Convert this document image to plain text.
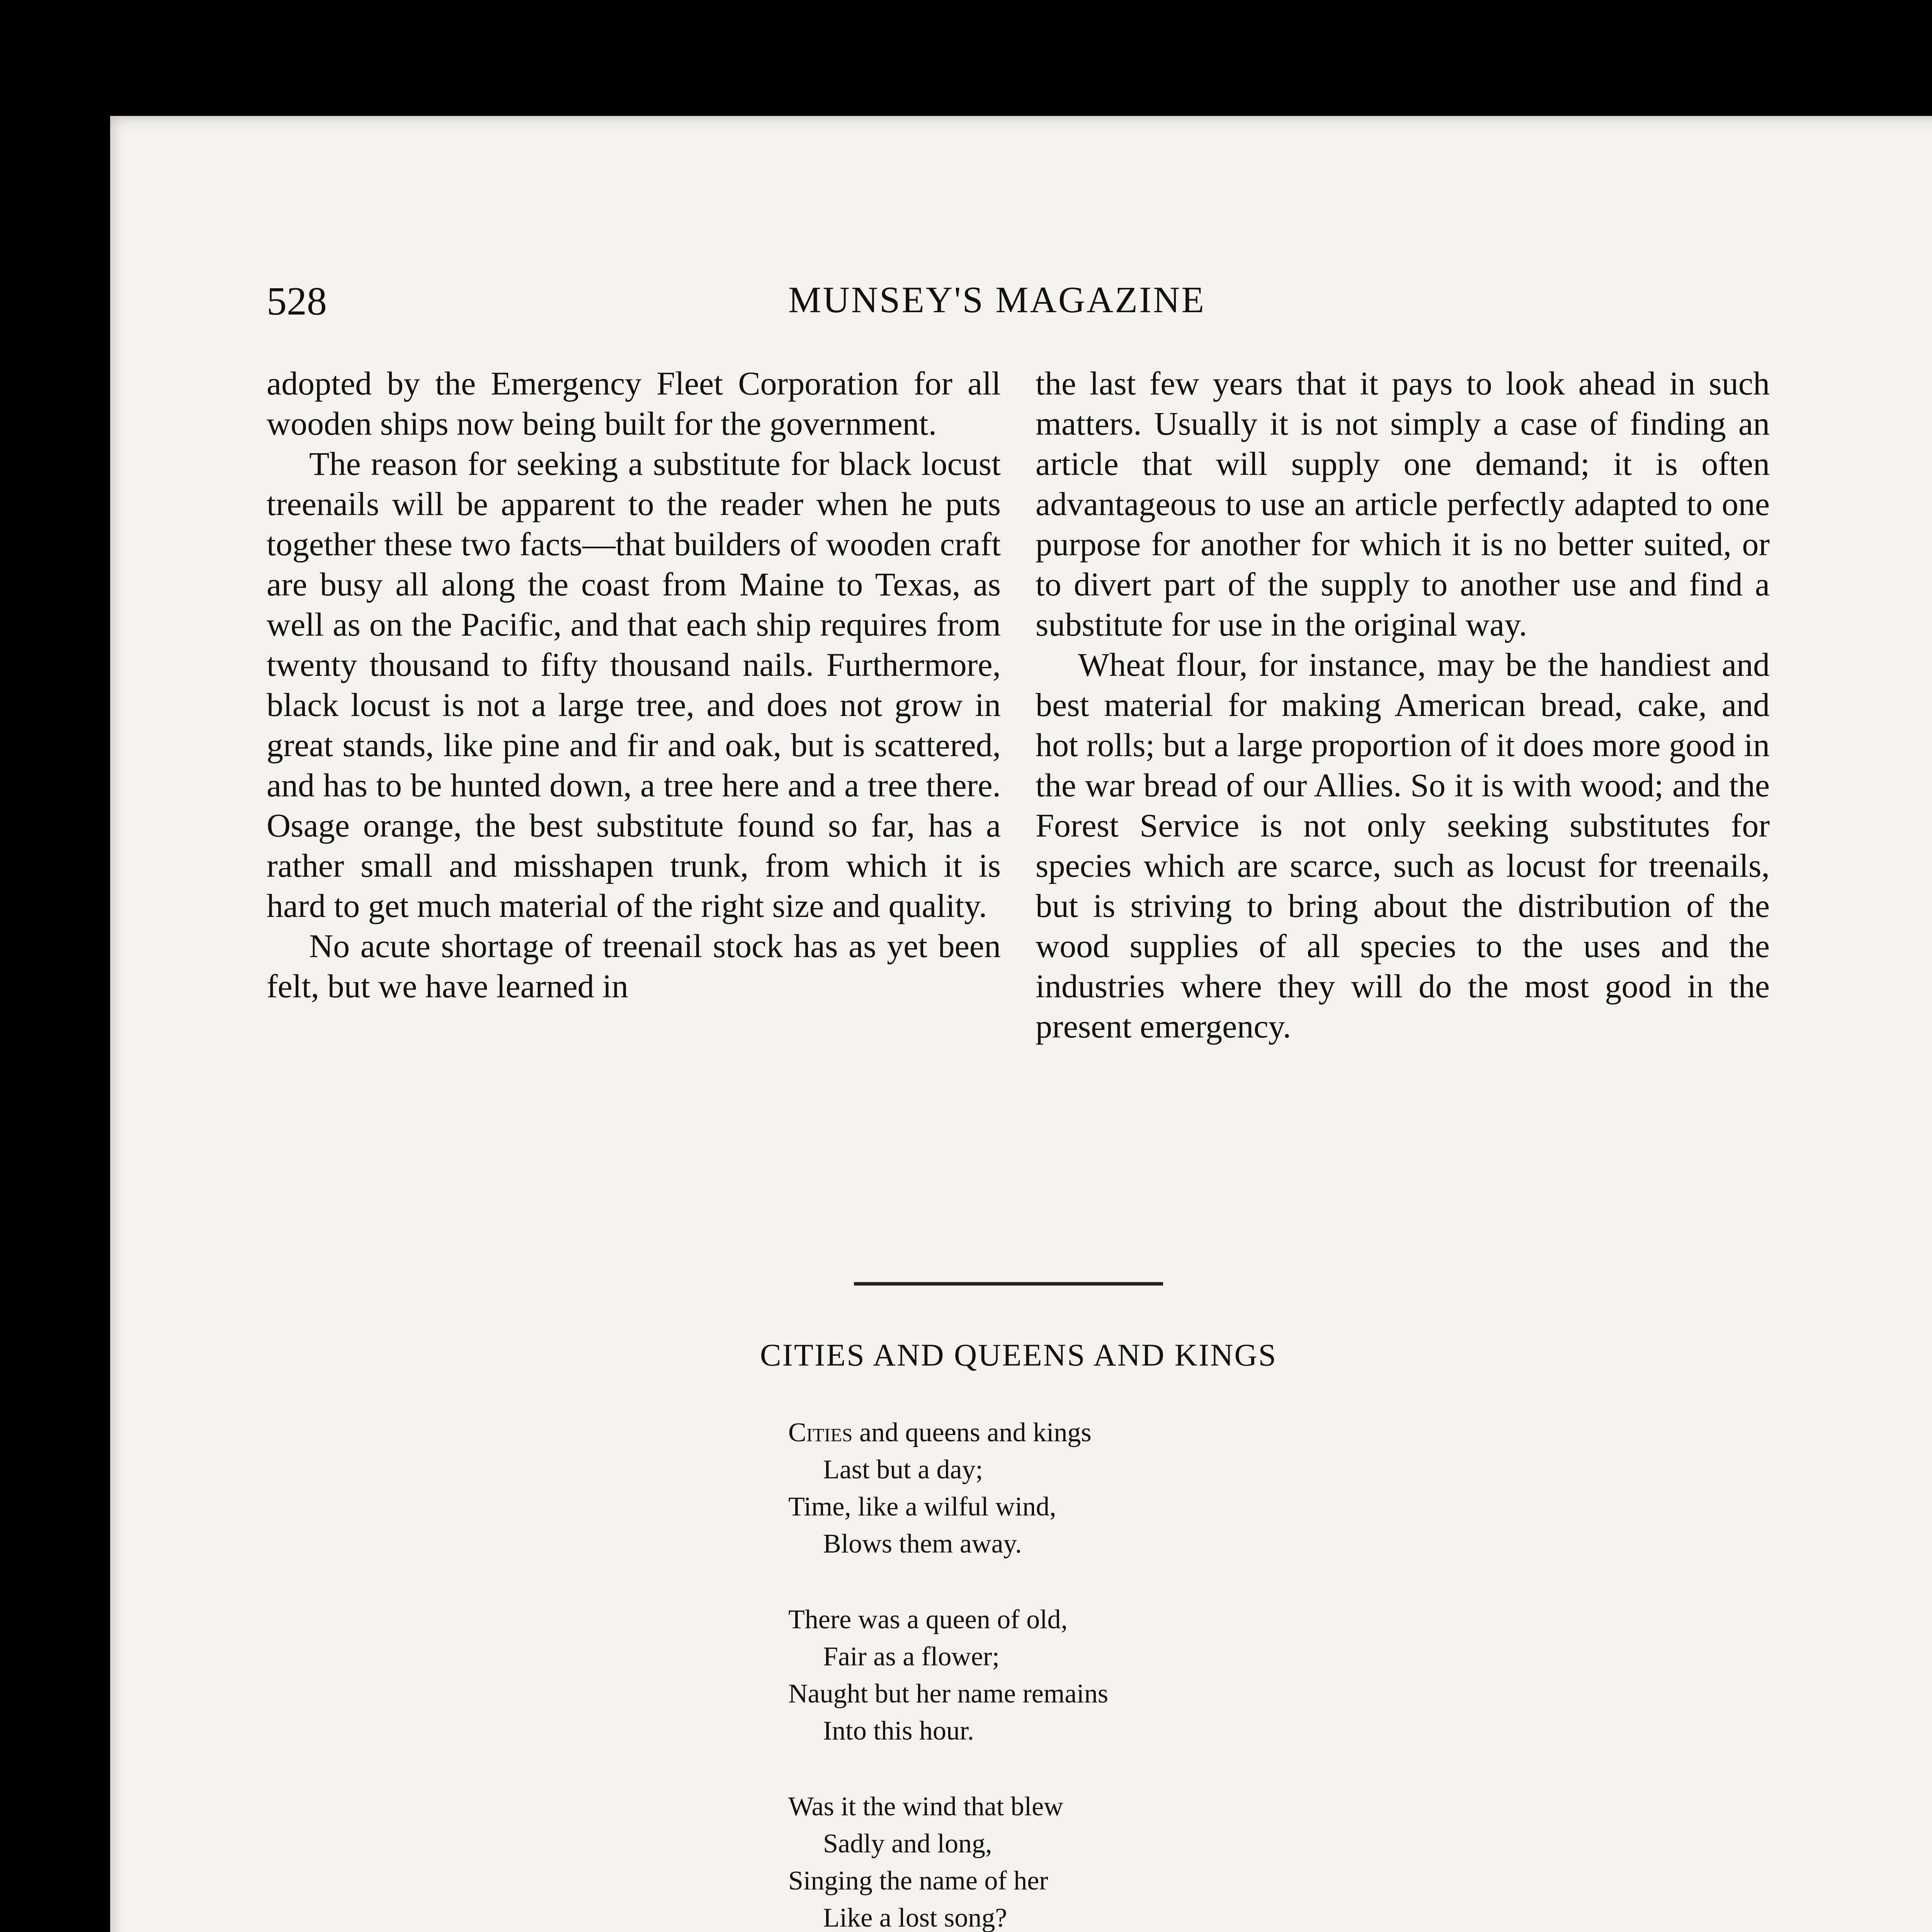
528	MUNSEY'S MAGAZINE

adopted by the Emergency Fleet Corporation for all wooden ships now being built for the government.

The reason for seeking a substitute for black locust treenails will be apparent to the reader when he puts together these two facts—that builders of wooden craft are busy all along the coast from Maine to Texas, as well as on the Pacific, and that each ship requires from twenty thousand to fifty thousand nails. Furthermore, black locust is not a large tree, and does not grow in great stands, like pine and fir and oak, but is scattered, and has to be hunted down, a tree here and a tree there. Osage orange, the best substitute found so far, has a rather small and misshapen trunk, from which it is hard to get much material of the right size and quality.

No acute shortage of treenail stock has as yet been felt, but we have learned in

the last few years that it pays to look ahead in such matters. Usually it is not simply a case of finding an article that will supply one demand; it is often advantageous to use an article perfectly adapted to one purpose for another for which it is no better suited, or to divert part of the supply to another use and find a substitute for use in the original way.

Wheat flour, for instance, may be the handiest and best material for making American bread, cake, and hot rolls; but a large proportion of it does more good in the war bread of our Allies. So it is with wood; and the Forest Service is not only seeking substitutes for species which are scarce, such as locust for treenails, but is striving to bring about the distribution of the wood supplies of all species to the uses and the industries where they will do the most good in the present emergency.

CITIES AND QUEENS AND KINGS
Cities and queens and kings
Last but a day;
Time, like a wilful wind,
Blows them away.
There was a queen of old,
Fair as a flower;
Naught but her name remains
Into this hour.
Was it the wind that blew
Sadly and long,
Singing the name of her
Like a lost song?
